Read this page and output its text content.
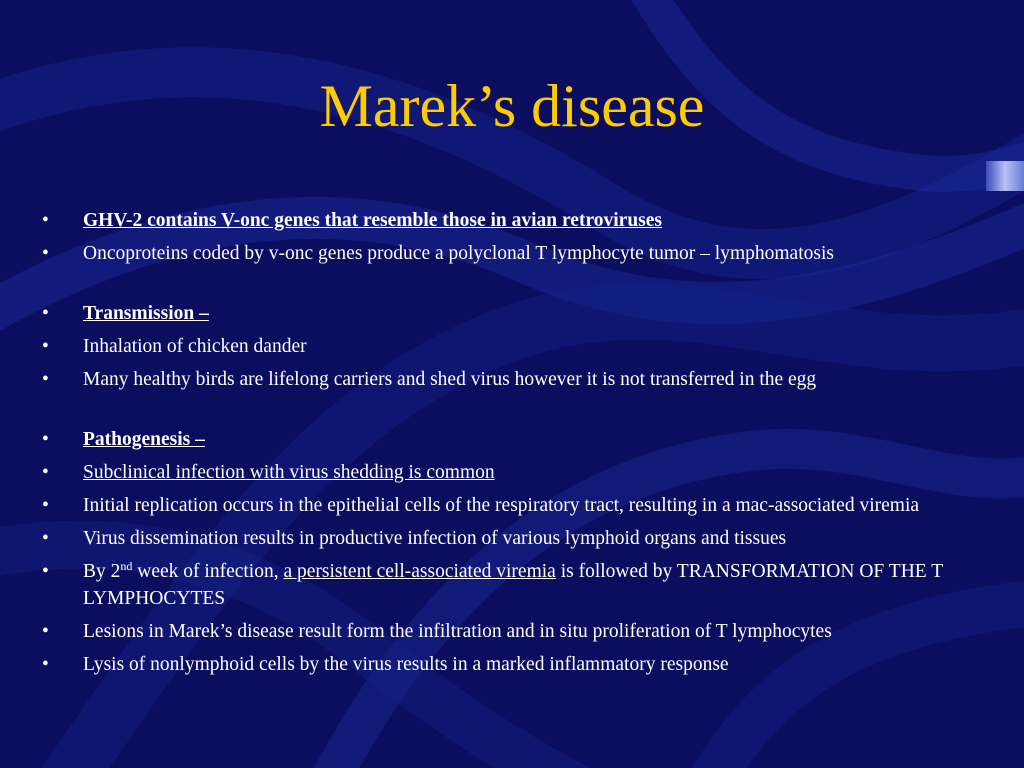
Marek’s disease
• GHV-2 contains V-onc genes that resemble those in avian retroviruses
• Oncoproteins coded by v-onc genes produce a polyclonal T lymphocyte tumor – lymphomatosis
• Transmission –
• Inhalation of chicken dander
• Many healthy birds are lifelong carriers and shed virus however it is not transferred in the egg
• Pathogenesis –
• Subclinical infection with virus shedding is common
• Initial replication occurs in the epithelial cells of the respiratory tract, resulting in a mac-associated viremia
• Virus dissemination results in productive infection of various lymphoid organs and tissues
• By 2nd week of infection, a persistent cell-associated viremia is followed by TRANSFORMATION OF THE T LYMPHOCYTES
• Lesions in Marek’s disease result form the infiltration and in situ proliferation of T lymphocytes
• Lysis of nonlymphoid cells by the virus results in a marked inflammatory response
